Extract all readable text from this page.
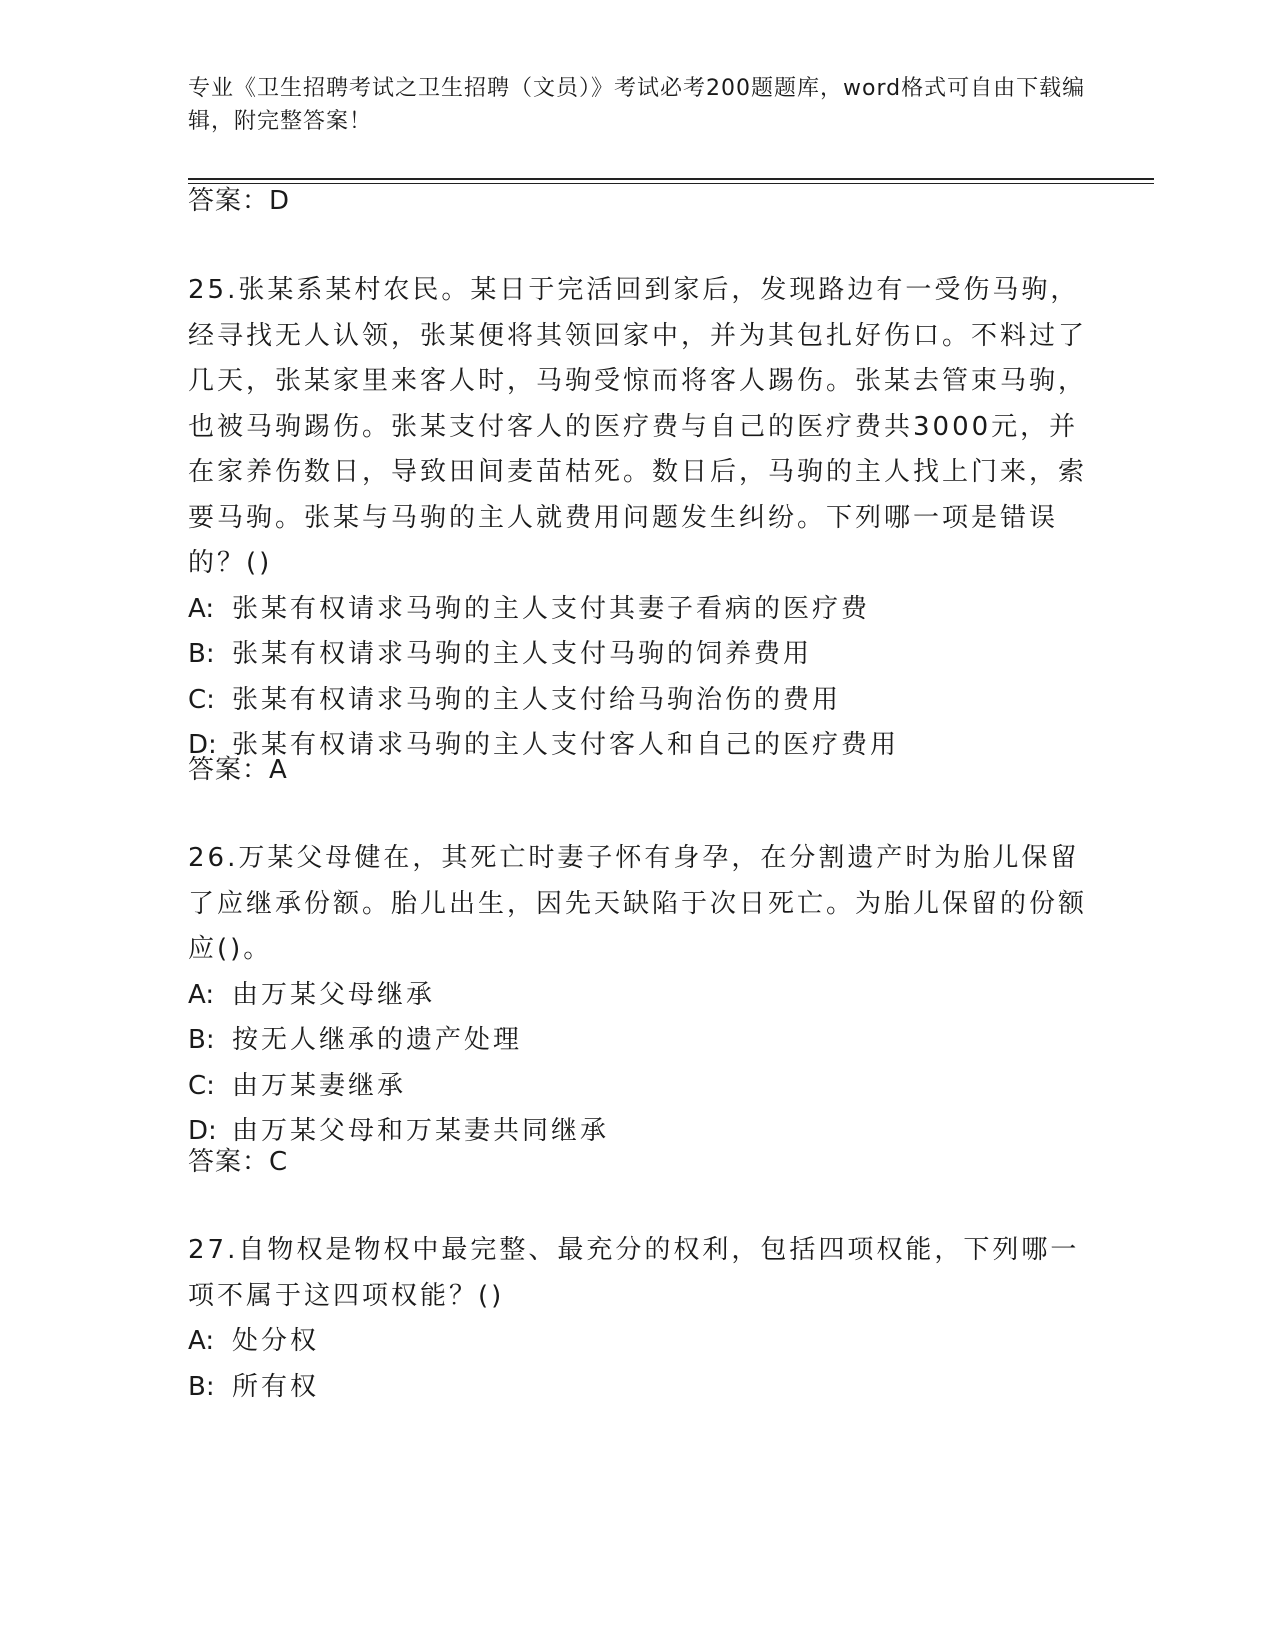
专业《卫生招聘考试之卫生招聘（文员）》考试必考200题题库，word格式可自由下载编辑，附完整答案！
答案：D
25.张某系某村农民。某日于完活回到家后，发现路边有一受伤马驹，经寻找无人认领，张某便将其领回家中，并为其包扎好伤口。不料过了几天，张某家里来客人时，马驹受惊而将客人踢伤。张某去管束马驹，也被马驹踢伤。张某支付客人的医疗费与自己的医疗费共3000元，并在家养伤数日，导致田间麦苗枯死。数日后，马驹的主人找上门来，索要马驹。张某与马驹的主人就费用问题发生纠纷。下列哪一项是错误的？()
A: 张某有权请求马驹的主人支付其妻子看病的医疗费
B: 张某有权请求马驹的主人支付马驹的饲养费用
C: 张某有权请求马驹的主人支付给马驹治伤的费用
D: 张某有权请求马驹的主人支付客人和自己的医疗费用
答案：A
26.万某父母健在，其死亡时妻子怀有身孕，在分割遗产时为胎儿保留了应继承份额。胎儿出生，因先天缺陷于次日死亡。为胎儿保留的份额应()。
A: 由万某父母继承
B: 按无人继承的遗产处理
C: 由万某妻继承
D: 由万某父母和万某妻共同继承
答案：C
27.自物权是物权中最完整、最充分的权利，包括四项权能，下列哪一项不属于这四项权能？()
A: 处分权
B: 所有权
